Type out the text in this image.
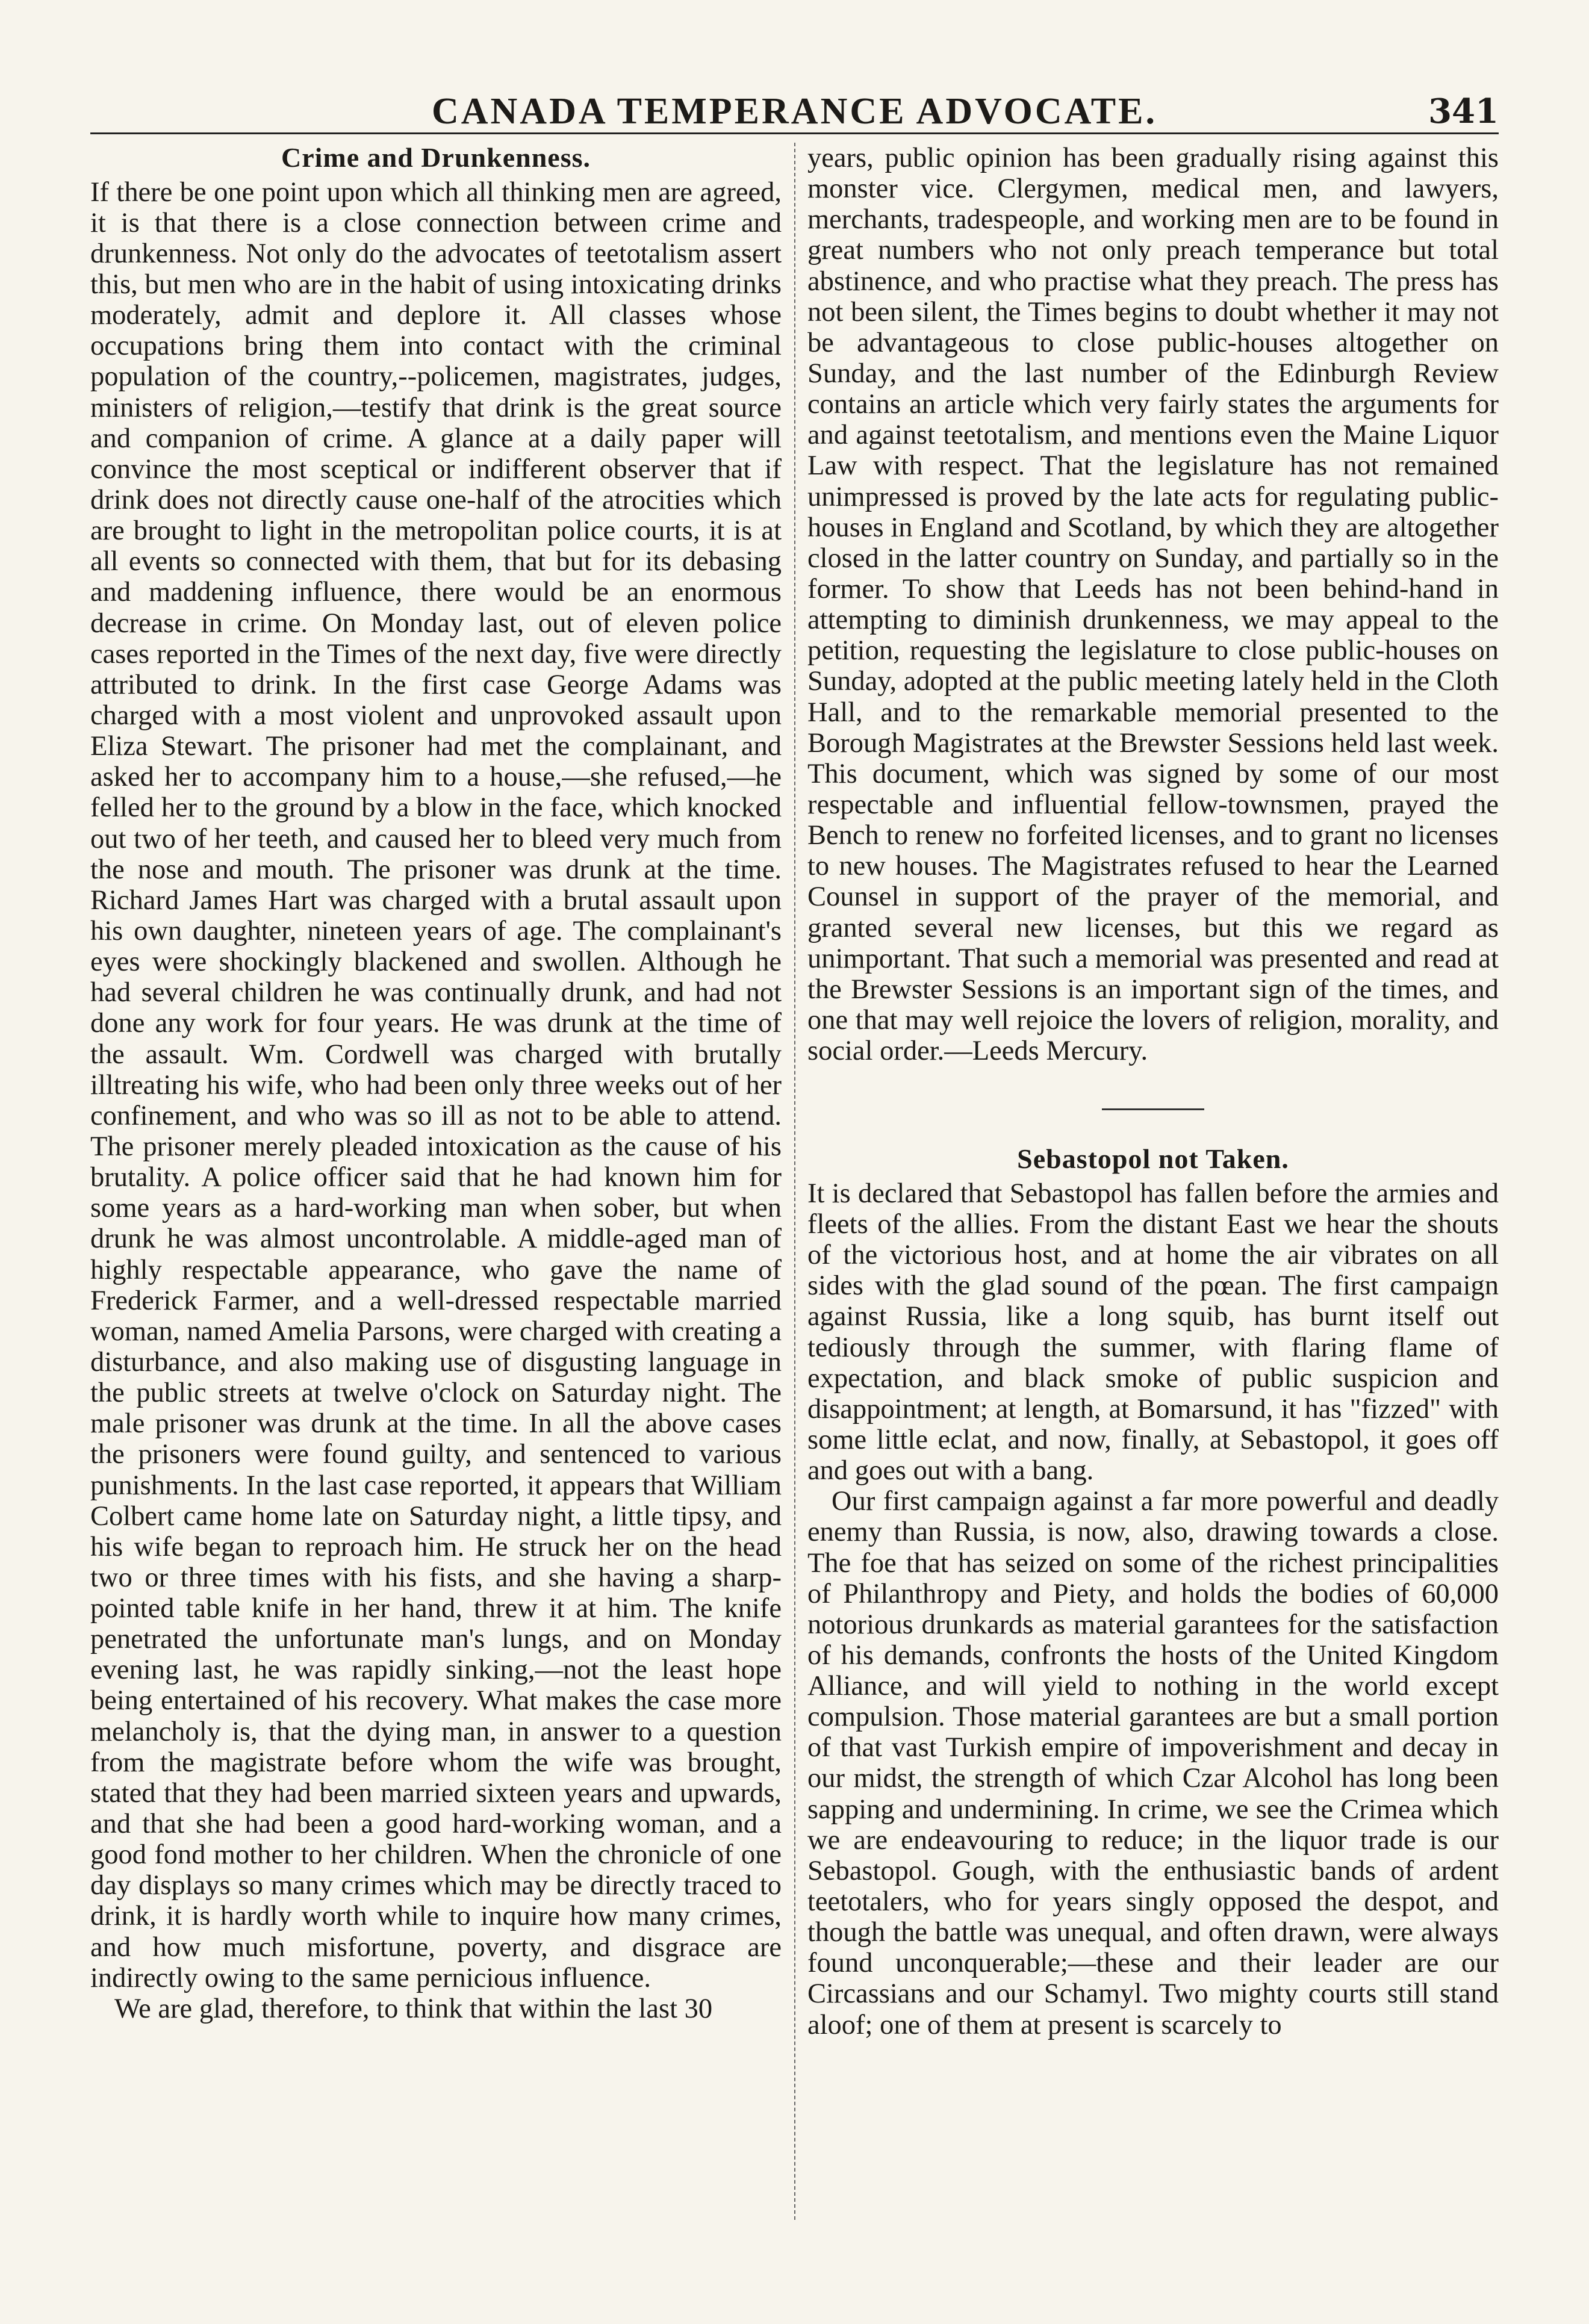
CANADA TEMPERANCE ADVOCATE.	341
Crime and Drunkenness.

If there be one point upon which all thinking men are agreed, it is that there is a close connection between crime and drunkenness. Not only do the advocates of teetotalism assert this, but men who are in the habit of using intoxicating drinks moderately, admit and deplore it. All classes whose occupations bring them into contact with the criminal population of the country,--policemen, magistrates, judges, ministers of religion,—testify that drink is the great source and companion of crime. A glance at a daily paper will convince the most sceptical or indifferent observer that if drink does not directly cause one-half of the atrocities which are brought to light in the metropolitan police courts, it is at all events so connected with them, that but for its debasing and maddening influence, there would be an enormous decrease in crime. On Monday last, out of eleven police cases reported in the Times of the next day, five were directly attributed to drink. In the first case George Adams was charged with a most violent and unprovoked assault upon Eliza Stewart. The prisoner had met the complainant, and asked her to accompany him to a house,—she refused,—he felled her to the ground by a blow in the face, which knocked out two of her teeth, and caused her to bleed very much from the nose and mouth. The prisoner was drunk at the time. Richard James Hart was charged with a brutal assault upon his own daughter, nineteen years of age. The complainant's eyes were shockingly blackened and swollen. Although he had several children he was continually drunk, and had not done any work for four years. He was drunk at the time of the assault. Wm. Cordwell was charged with brutally illtreating his wife, who had been only three weeks out of her confinement, and who was so ill as not to be able to attend. The prisoner merely pleaded intoxication as the cause of his brutality. A police officer said that he had known him for some years as a hard-working man when sober, but when drunk he was almost uncontrolable. A middle-aged man of highly respectable appearance, who gave the name of Frederick Farmer, and a well-dressed respectable married woman, named Amelia Parsons, were charged with creating a disturbance, and also making use of disgusting language in the public streets at twelve o'clock on Saturday night. The male prisoner was drunk at the time. In all the above cases the prisoners were found guilty, and sentenced to various punishments. In the last case reported, it appears that William Colbert came home late on Saturday night, a little tipsy, and his wife began to reproach him. He struck her on the head two or three times with his fists, and she having a sharp-pointed table knife in her hand, threw it at him. The knife penetrated the unfortunate man's lungs, and on Monday evening last, he was rapidly sinking,—not the least hope being entertained of his recovery. What makes the case more melancholy is, that the dying man, in answer to a question from the magistrate before whom the wife was brought, stated that they had been married sixteen years and upwards, and that she had been a good hard-working woman, and a good fond mother to her children. When the chronicle of one day displays so many crimes which may be directly traced to drink, it is hardly worth while to inquire how many crimes, and how much misfortune, poverty, and disgrace are indirectly owing to the same pernicious influence.

We are glad, therefore, to think that within the last 30

years, public opinion has been gradually rising against this monster vice. Clergymen, medical men, and lawyers, merchants, tradespeople, and working men are to be found in great numbers who not only preach temperance but total abstinence, and who practise what they preach. The press has not been silent, the Times begins to doubt whether it may not be advantageous to close public-houses altogether on Sunday, and the last number of the Edinburgh Review contains an article which very fairly states the arguments for and against teetotalism, and mentions even the Maine Liquor Law with respect. That the legislature has not remained unimpressed is proved by the late acts for regulating public-houses in England and Scotland, by which they are altogether closed in the latter country on Sunday, and partially so in the former. To show that Leeds has not been behind-hand in attempting to diminish drunkenness, we may appeal to the petition, requesting the legislature to close public-houses on Sunday, adopted at the public meeting lately held in the Cloth Hall, and to the remarkable memorial presented to the Borough Magistrates at the Brewster Sessions held last week. This document, which was signed by some of our most respectable and influential fellow-townsmen, prayed the Bench to renew no forfeited licenses, and to grant no licenses to new houses. The Magistrates refused to hear the Learned Counsel in support of the prayer of the memorial, and granted several new licenses, but this we regard as unimportant. That such a memorial was presented and read at the Brewster Sessions is an important sign of the times, and one that may well rejoice the lovers of religion, morality, and social order.—Leeds Mercury.

Sebastopol not Taken.

It is declared that Sebastopol has fallen before the armies and fleets of the allies. From the distant East we hear the shouts of the victorious host, and at home the air vibrates on all sides with the glad sound of the pœan. The first campaign against Russia, like a long squib, has burnt itself out tediously through the summer, with flaring flame of expectation, and black smoke of public suspicion and disappointment; at length, at Bomarsund, it has "fizzed" with some little eclat, and now, finally, at Sebastopol, it goes off and goes out with a bang.

Our first campaign against a far more powerful and deadly enemy than Russia, is now, also, drawing towards a close. The foe that has seized on some of the richest principalities of Philanthropy and Piety, and holds the bodies of 60,000 notorious drunkards as material garantees for the satisfaction of his demands, confronts the hosts of the United Kingdom Alliance, and will yield to nothing in the world except compulsion. Those material garantees are but a small portion of that vast Turkish empire of impoverishment and decay in our midst, the strength of which Czar Alcohol has long been sapping and undermining. In crime, we see the Crimea which we are endeavouring to reduce; in the liquor trade is our Sebastopol. Gough, with the enthusiastic bands of ardent teetotalers, who for years singly opposed the despot, and though the battle was unequal, and often drawn, were always found unconquerable;—these and their leader are our Circassians and our Schamyl. Two mighty courts still stand aloof; one of them at present is scarcely to
